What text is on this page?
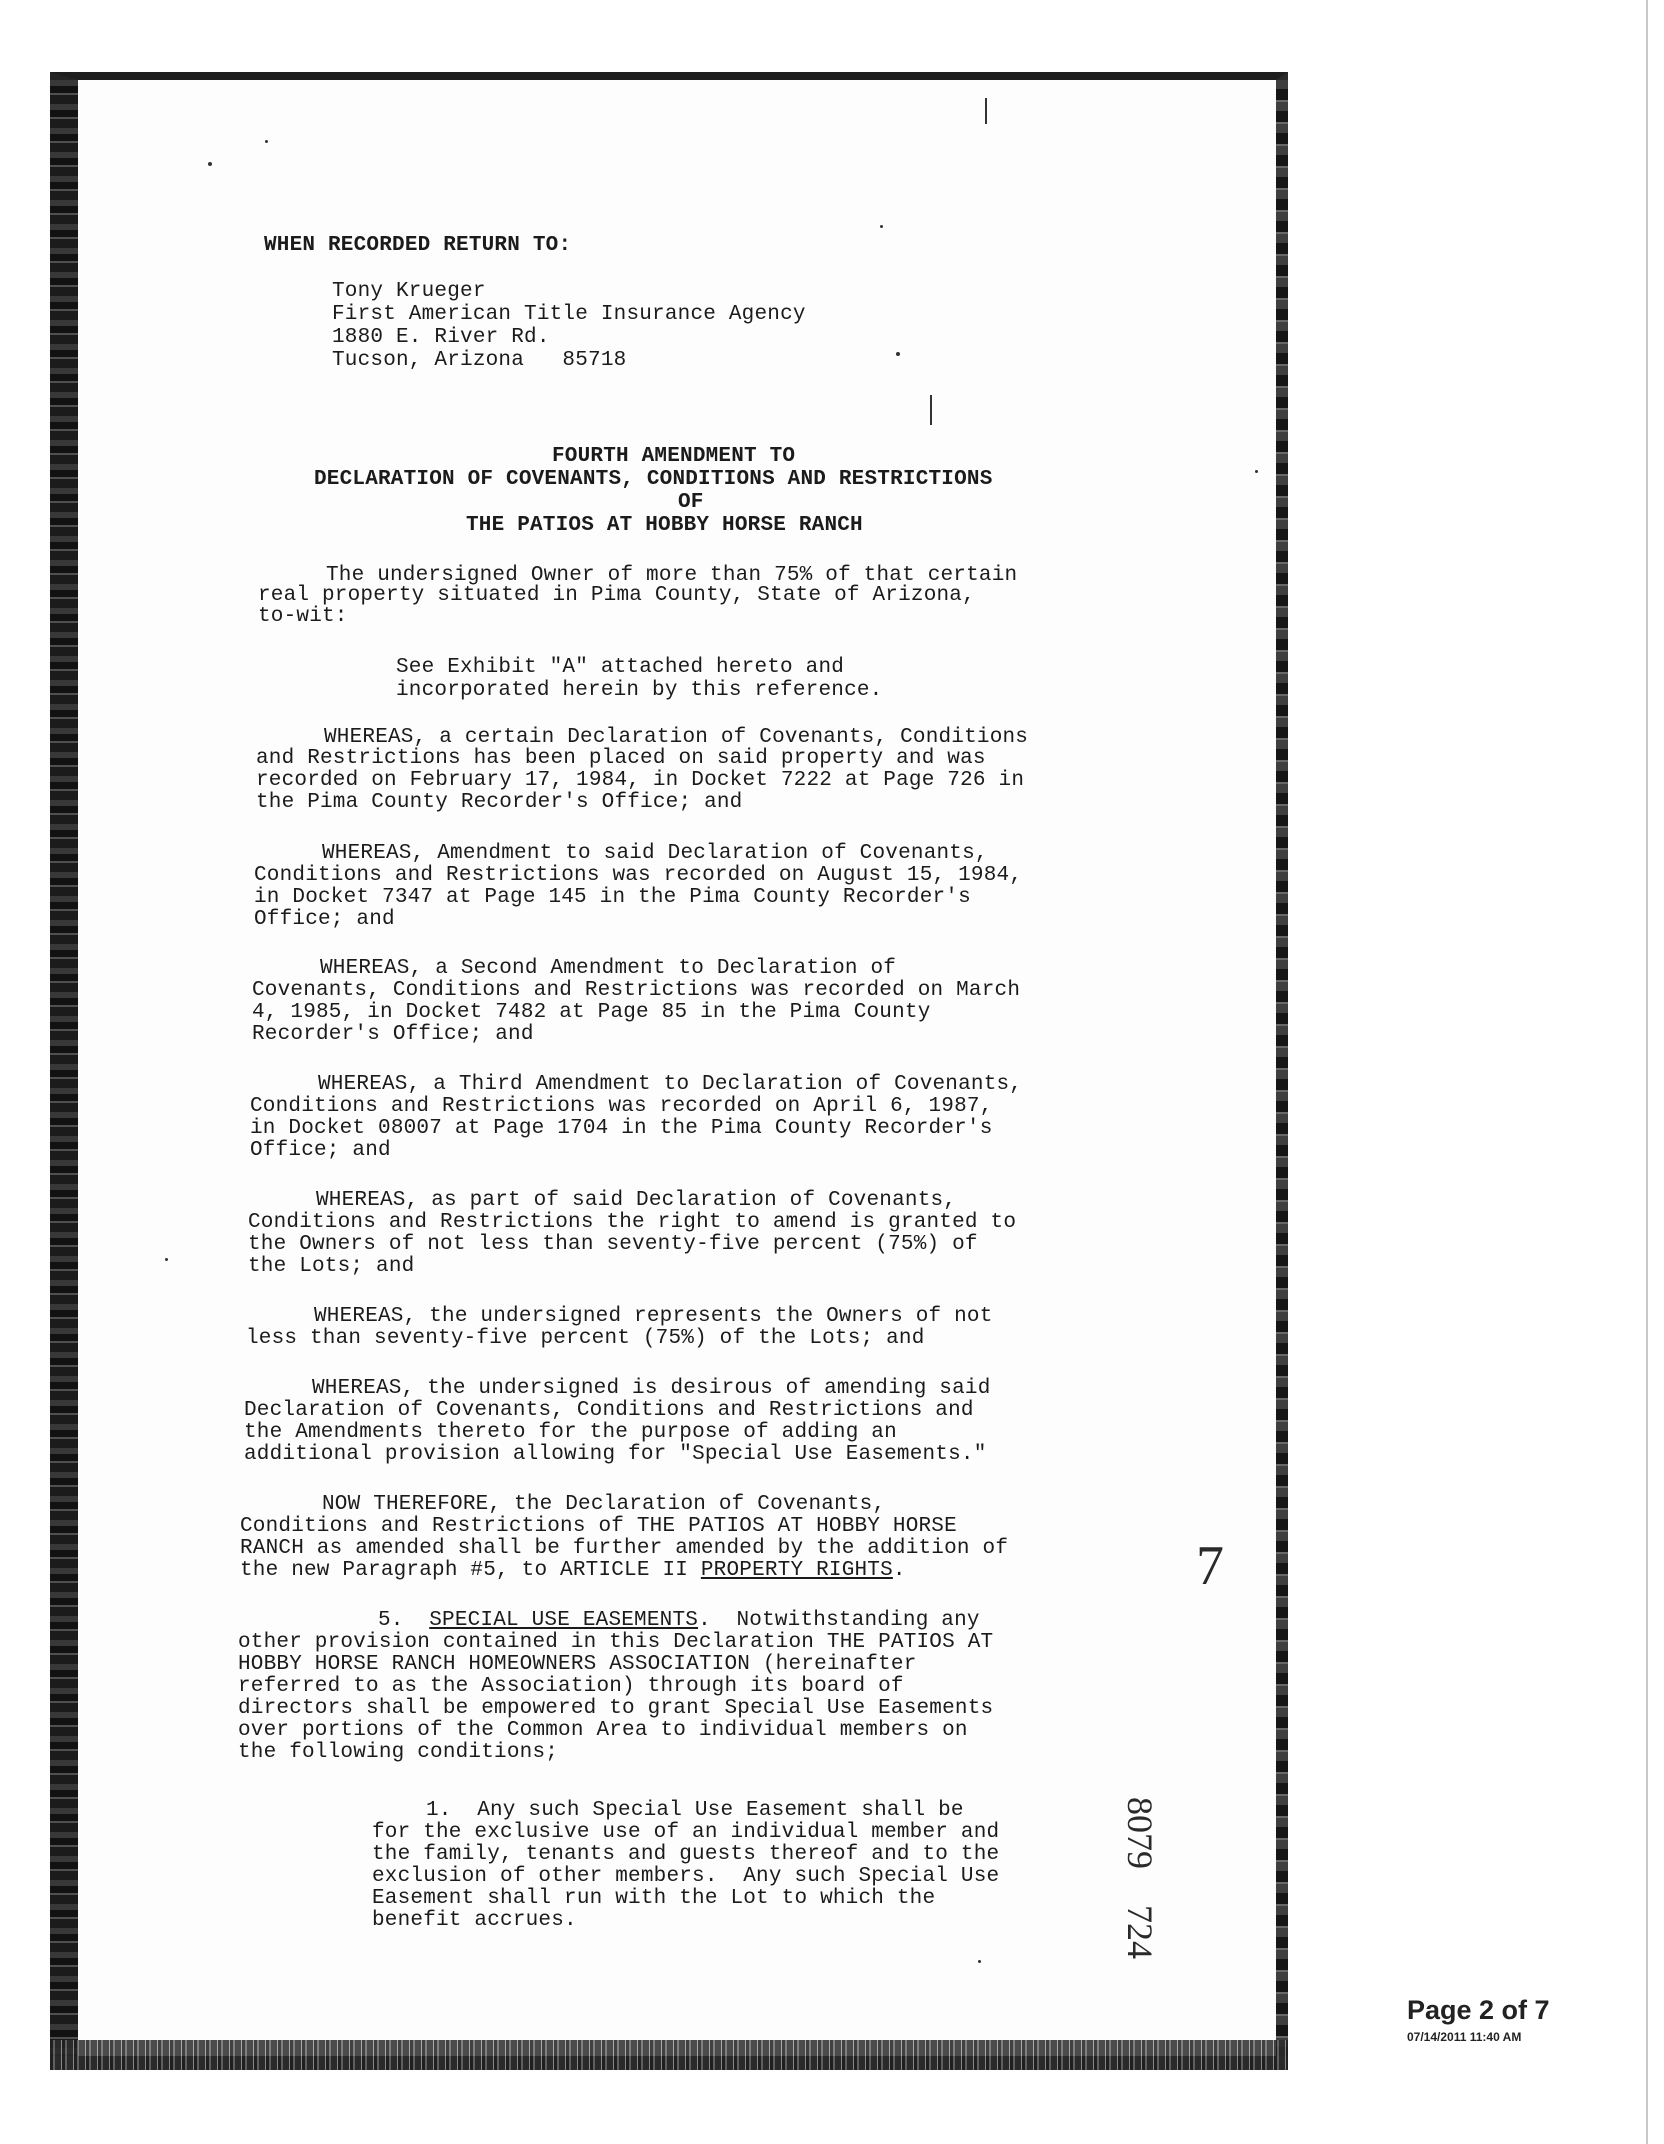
WHEN RECORDED RETURN TO:
Tony Krueger
First American Title Insurance Agency
1880 E. River Rd.
Tucson, Arizona   85718
FOURTH AMENDMENT TO
DECLARATION OF COVENANTS, CONDITIONS AND RESTRICTIONS
OF
THE PATIOS AT HOBBY HORSE RANCH
The undersigned Owner of more than 75% of that certain
real property situated in Pima County, State of Arizona,
to-wit:
See Exhibit "A" attached hereto and
incorporated herein by this reference.
WHEREAS, a certain Declaration of Covenants, Conditions
and Restrictions has been placed on said property and was
recorded on February 17, 1984, in Docket 7222 at Page 726 in
the Pima County Recorder's Office; and
WHEREAS, Amendment to said Declaration of Covenants,
Conditions and Restrictions was recorded on August 15, 1984,
in Docket 7347 at Page 145 in the Pima County Recorder's
Office; and
WHEREAS, a Second Amendment to Declaration of
Covenants, Conditions and Restrictions was recorded on March
4, 1985, in Docket 7482 at Page 85 in the Pima County
Recorder's Office; and
WHEREAS, a Third Amendment to Declaration of Covenants,
Conditions and Restrictions was recorded on April 6, 1987,
in Docket 08007 at Page 1704 in the Pima County Recorder's
Office; and
WHEREAS, as part of said Declaration of Covenants,
Conditions and Restrictions the right to amend is granted to
the Owners of not less than seventy-five percent (75%) of
the Lots; and
WHEREAS, the undersigned represents the Owners of not
less than seventy-five percent (75%) of the Lots; and
WHEREAS, the undersigned is desirous of amending said
Declaration of Covenants, Conditions and Restrictions and
the Amendments thereto for the purpose of adding an
additional provision allowing for "Special Use Easements."
NOW THEREFORE, the Declaration of Covenants,
Conditions and Restrictions of THE PATIOS AT HOBBY HORSE
RANCH as amended shall be further amended by the addition of
the new Paragraph #5, to ARTICLE II PROPERTY RIGHTS.
5. SPECIAL USE EASEMENTS.  Notwithstanding any
other provision contained in this Declaration THE PATIOS AT
HOBBY HORSE RANCH HOMEOWNERS ASSOCIATION (hereinafter
referred to as the Association) through its board of
directors shall be empowered to grant Special Use Easements
over portions of the Common Area to individual members on
the following conditions;
1.  Any such Special Use Easement shall be
for the exclusive use of an individual member and
the family, tenants and guests thereof and to the
exclusion of other members.  Any such Special Use
Easement shall run with the Lot to which the
benefit accrues.
7
8079    724
Page 2 of 7
07/14/2011 11:40 AM
